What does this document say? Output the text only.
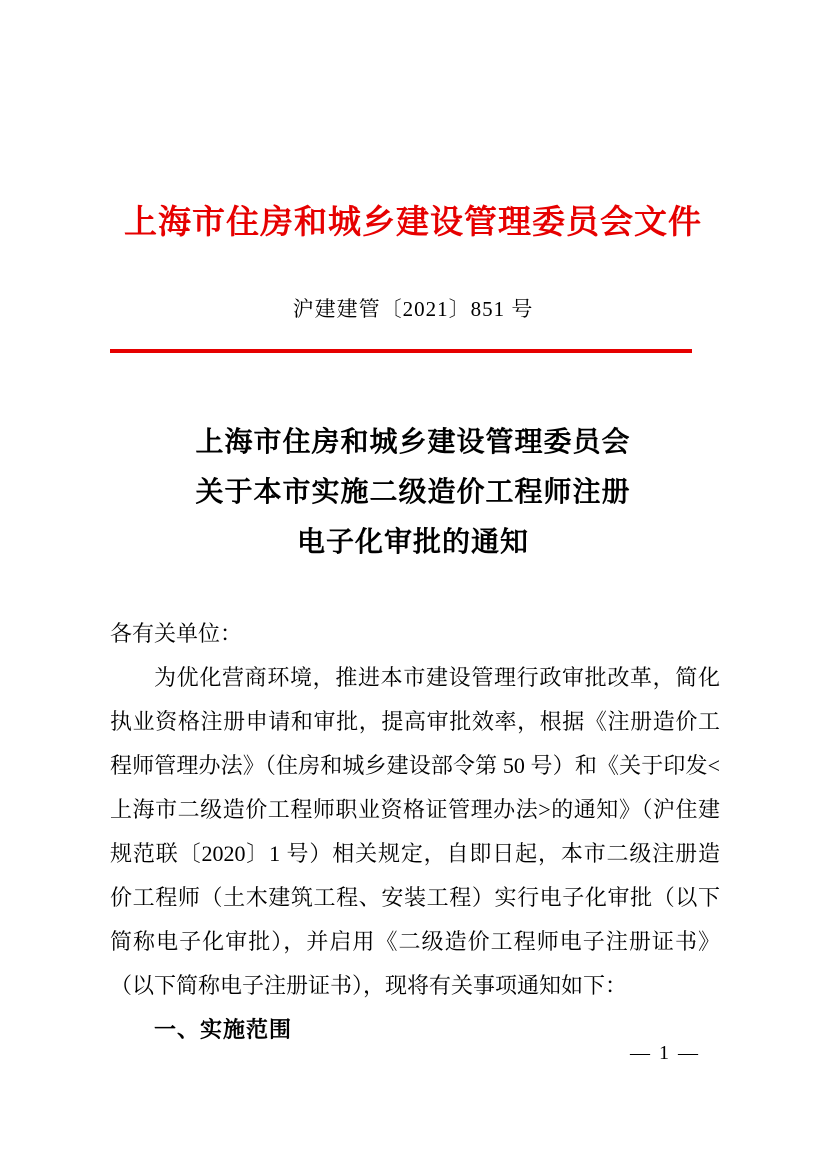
上海市住房和城乡建设管理委员会文件
沪建建管〔2021〕851 号
上海市住房和城乡建设管理委员会
关于本市实施二级造价工程师注册
电子化审批的通知

各有关单位：

为优化营商环境，推进本市建设管理行政审批改革，简化执业资格注册申请和审批，提高审批效率，根据《注册造价工程师管理办法》（住房和城乡建设部令第 50 号）和《关于印发<上海市二级造价工程师职业资格证管理办法>的通知》（沪住建规范联〔2020〕1 号）相关规定，自即日起，本市二级注册造价工程师（土木建筑工程、安装工程）实行电子化审批（以下简称电子化审批），并启用《二级造价工程师电子注册证书》（以下简称电子注册证书），现将有关事项通知如下：

一、实施范围

— 1 —
